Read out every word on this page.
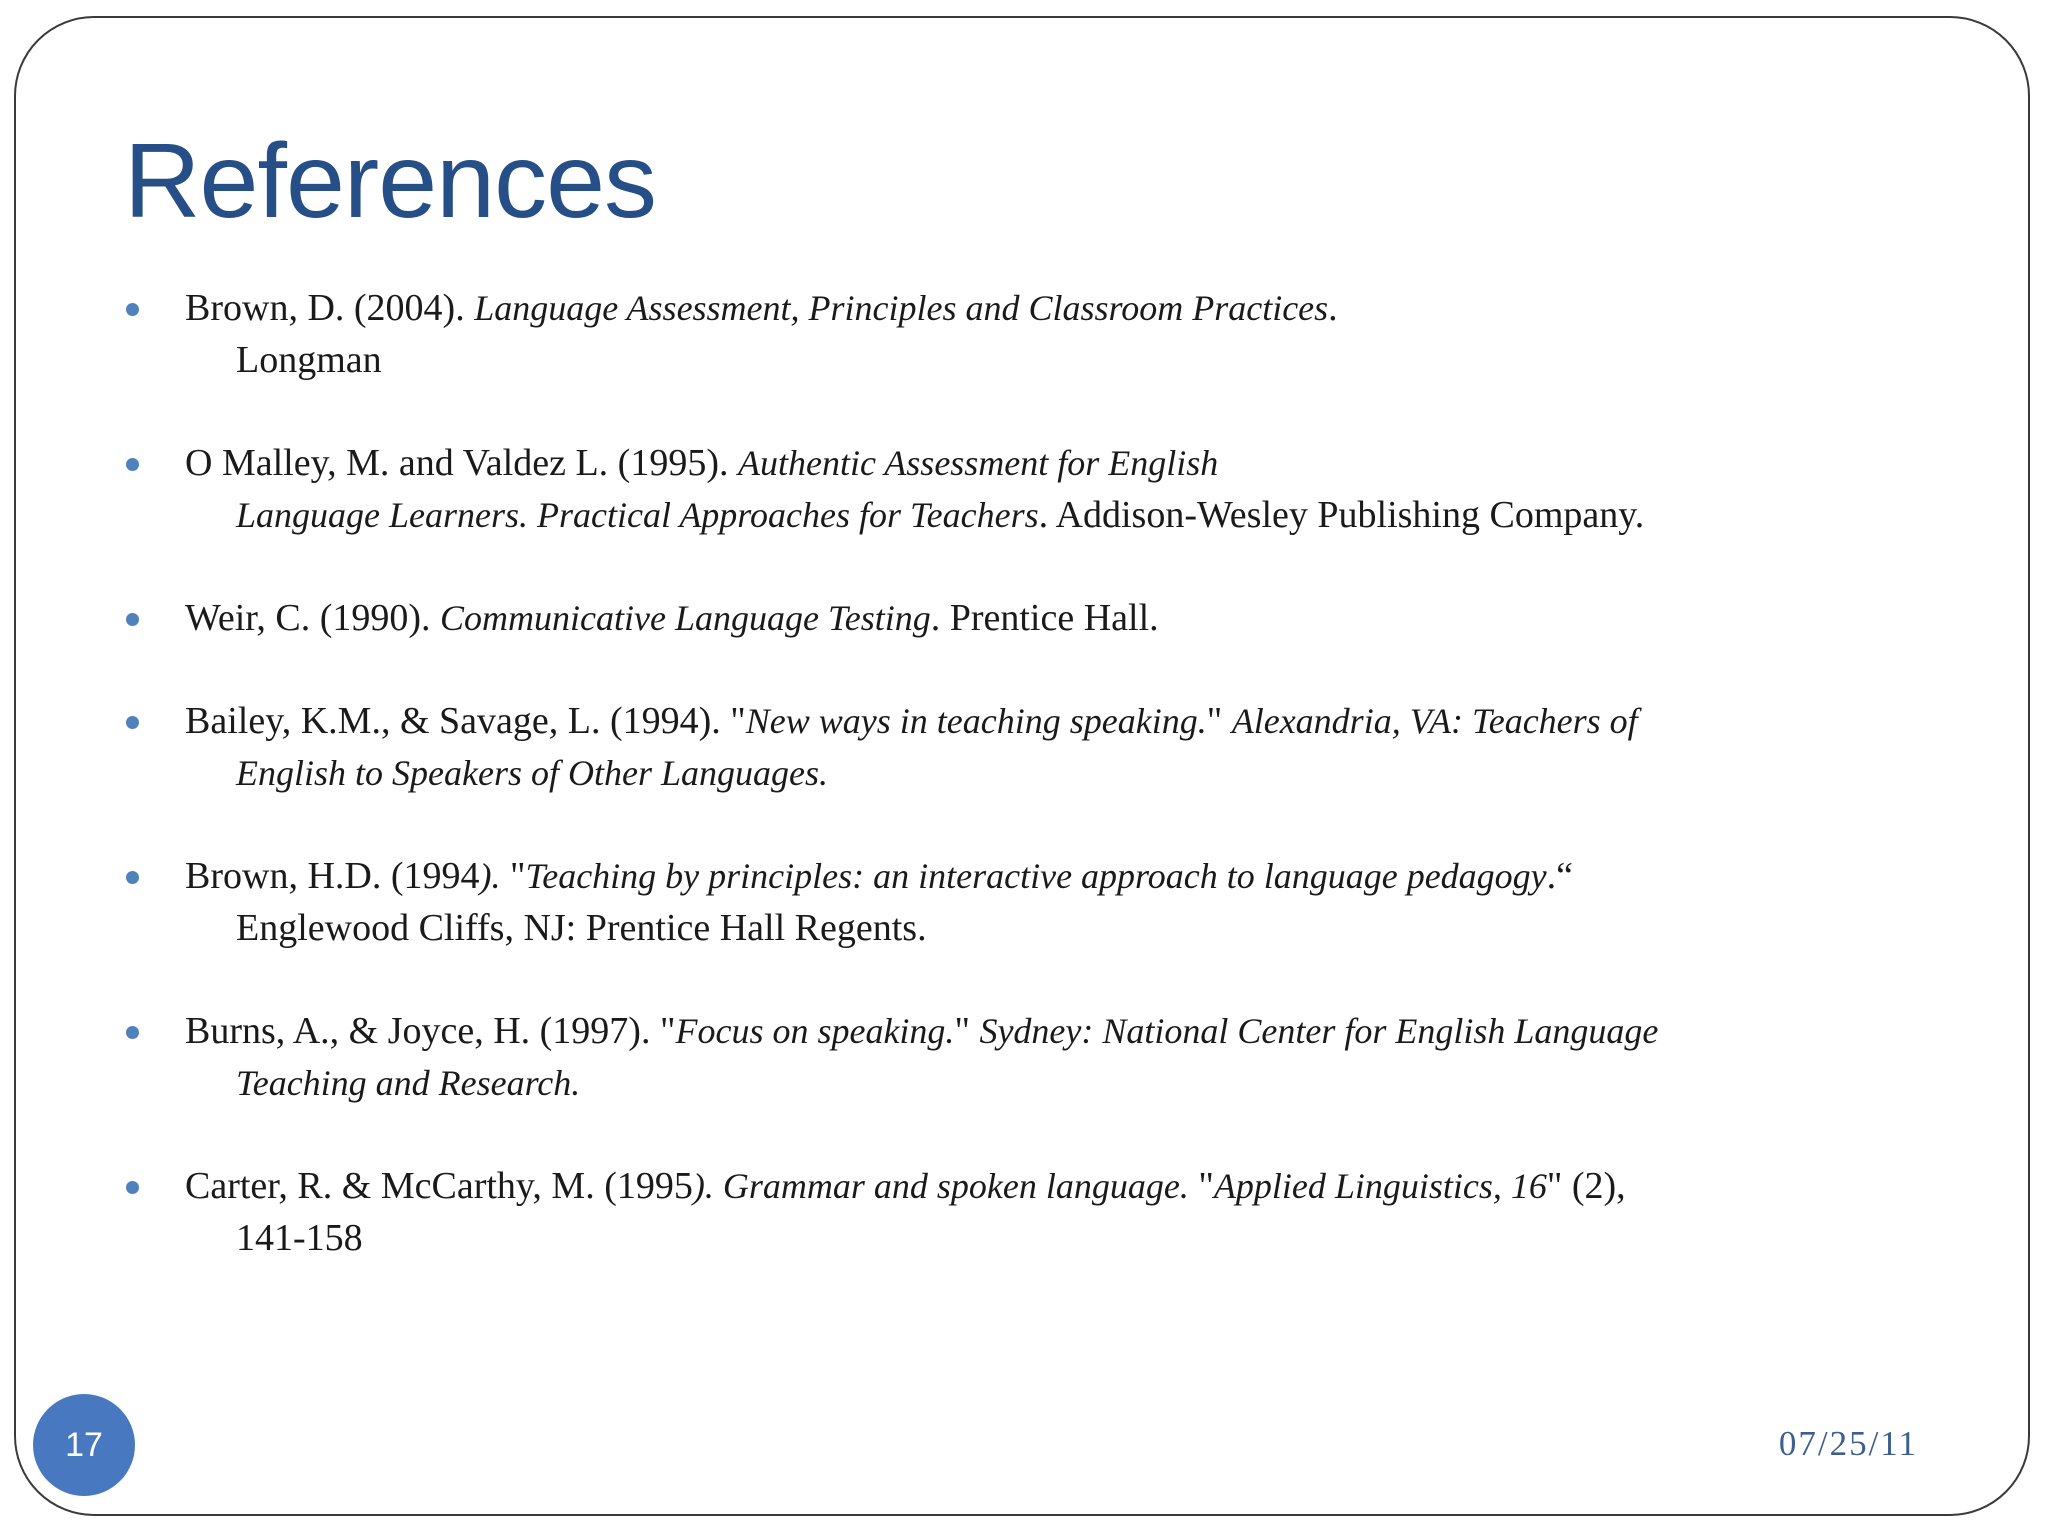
References
Brown, D. (2004). Language Assessment, Principles and Classroom Practices.
Longman
O Malley, M. and Valdez L. (1995). Authentic Assessment for English
Language Learners. Practical Approaches for Teachers. Addison-Wesley Publishing Company.
Weir, C. (1990). Communicative Language Testing. Prentice Hall.
Bailey, K.M., & Savage, L. (1994). "New ways in teaching speaking." Alexandria, VA: Teachers of
English to Speakers of Other Languages.
Brown, H.D. (1994). "Teaching by principles: an interactive approach to language pedagogy.“
Englewood Cliffs, NJ: Prentice Hall Regents.
Burns, A., & Joyce, H. (1997). "Focus on speaking." Sydney: National Center for English Language
Teaching and Research.
Carter, R. & McCarthy, M. (1995). Grammar and spoken language. "Applied Linguistics, 16" (2),
141-158
17	07/25/11
